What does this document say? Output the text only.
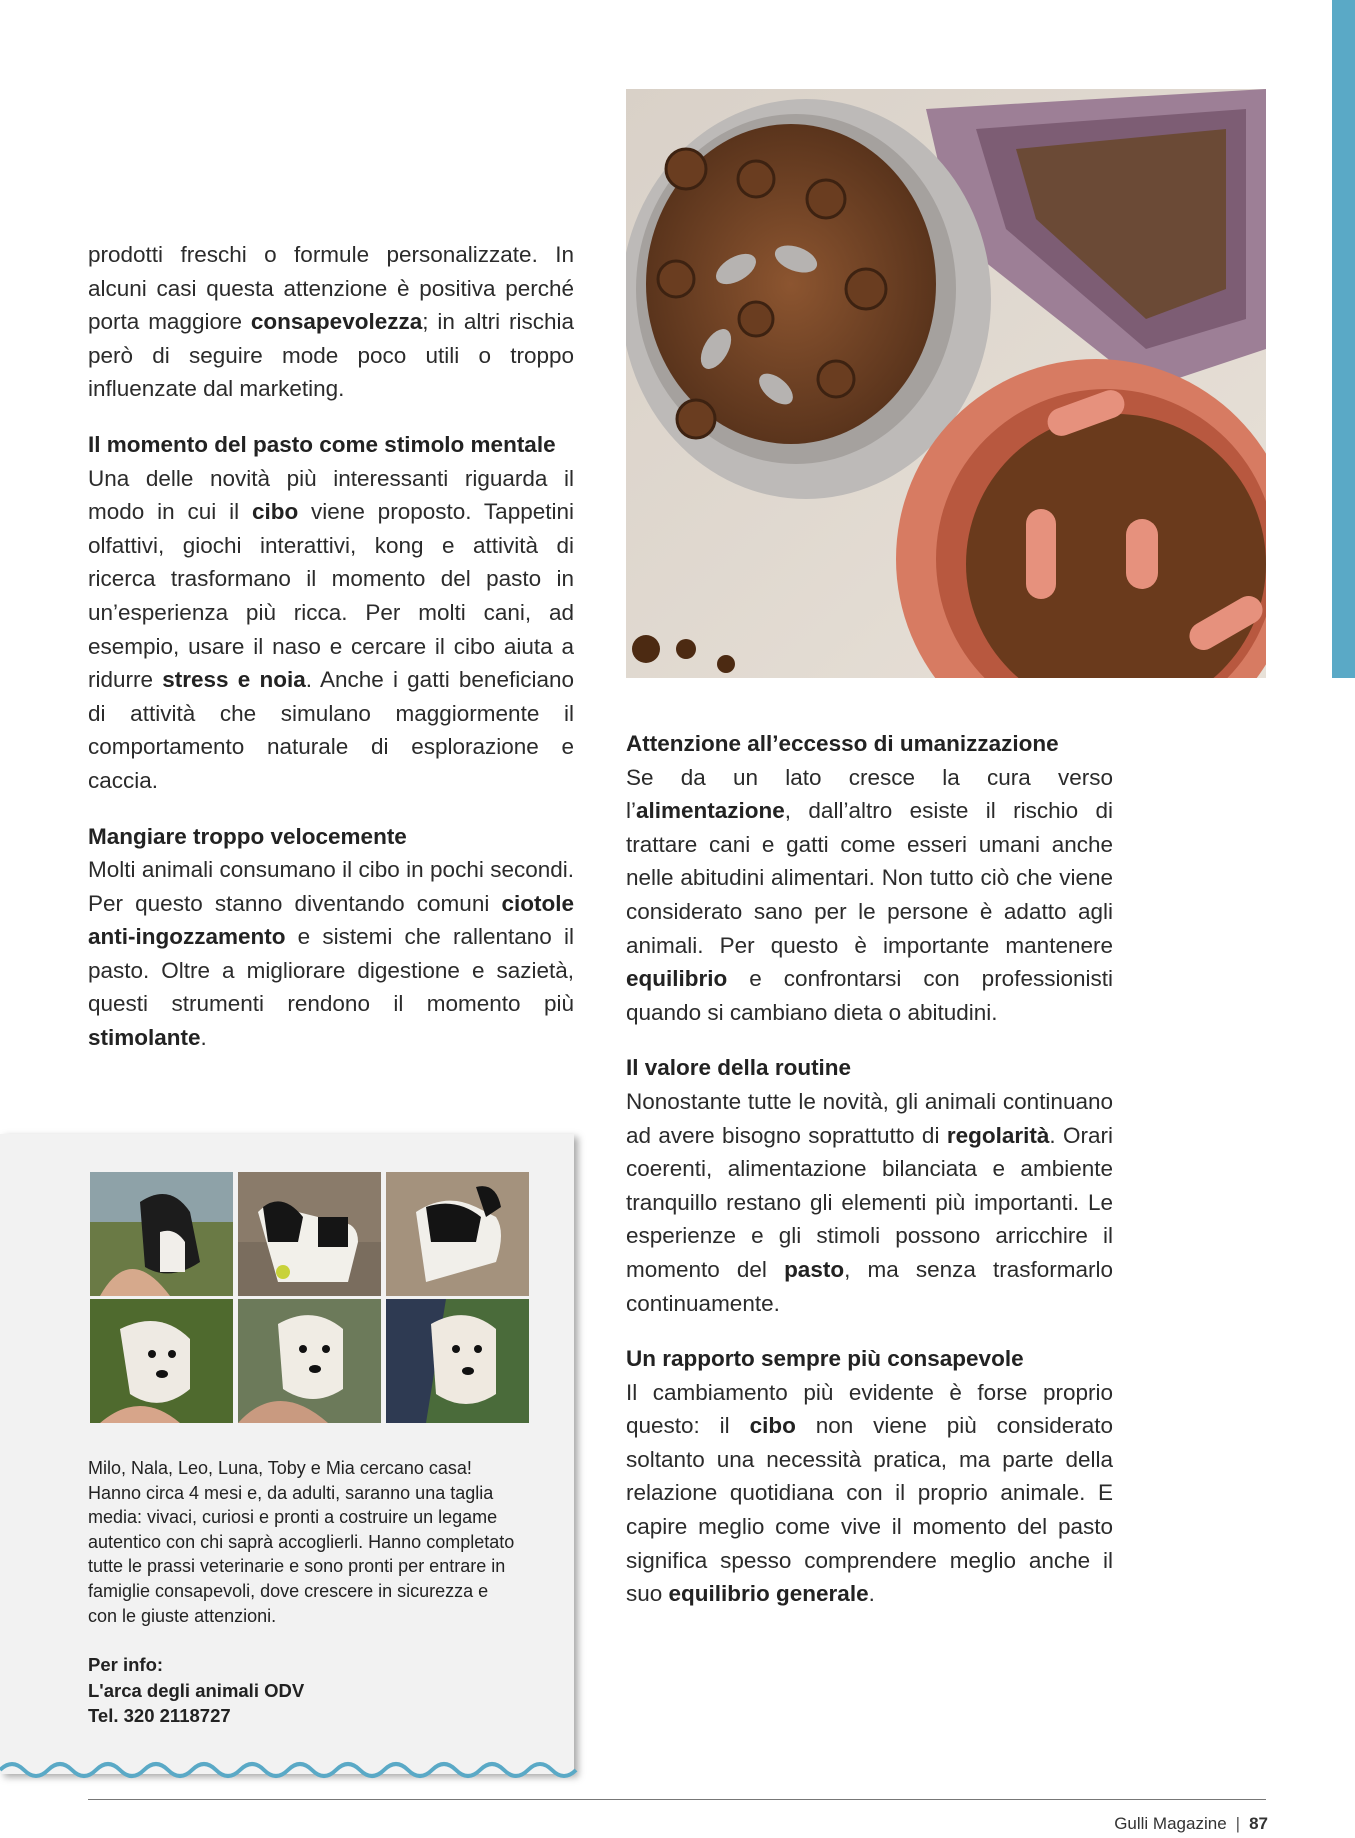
prodotti freschi o formule personalizzate. In alcuni casi questa attenzione è positiva perché porta maggiore consapevolezza; in altri rischia però di seguire mode poco utili o troppo influenzate dal marketing.

Il momento del pasto come stimolo mentale

Una delle novità più interessanti riguarda il modo in cui il cibo viene proposto. Tappetini olfattivi, giochi interattivi, kong e attività di ricerca trasformano il momento del pasto in un’esperienza più ricca. Per molti cani, ad esempio, usare il naso e cercare il cibo aiuta a ridurre stress e noia. Anche i gatti beneficiano di attività che simulano maggiormente il comportamento naturale di esplorazione e caccia.

Mangiare troppo velocemente

Molti animali consumano il cibo in pochi secondi. Per questo stanno diventando comuni ciotole anti-ingozzamento e sistemi che rallentano il pasto. Oltre a migliorare digestione e sazietà, questi strumenti rendono il momento più stimolante.

Attenzione all’eccesso di umanizzazione

Se da un lato cresce la cura verso l’alimentazione, dall’altro esiste il rischio di trattare cani e gatti come esseri umani anche nelle abitudini alimentari. Non tutto ciò che viene considerato sano per le persone è adatto agli animali. Per questo è importante mantenere equilibrio e confrontarsi con professionisti quando si cambiano dieta o abitudini.

Il valore della routine

Nonostante tutte le novità, gli animali continuano ad avere bisogno soprattutto di regolarità. Orari coerenti, alimentazione bilanciata e ambiente tranquillo restano gli elementi più importanti. Le esperienze e gli stimoli possono arricchire il momento del pasto, ma senza trasformarlo continuamente.

Un rapporto sempre più consapevole

Il cambiamento più evidente è forse proprio questo: il cibo non viene più considerato soltanto una necessità pratica, ma parte della relazione quotidiana con il proprio animale. E capire meglio come vive il momento del pasto significa spesso comprendere meglio anche il suo equilibrio generale.

Milo, Nala, Leo, Luna, Toby e Mia cercano casa! Hanno circa 4 mesi e, da adulti, saranno una taglia media: vivaci, curiosi e pronti a costruire un legame autentico con chi saprà accoglierli. Hanno completato tutte le prassi veterinarie e sono pronti per entrare in famiglie consapevoli, dove crescere in sicurezza e con le giuste attenzioni.
Per info:
L'arca degli animali ODV
Tel. 320 2118727
Gulli Magazine | 87
